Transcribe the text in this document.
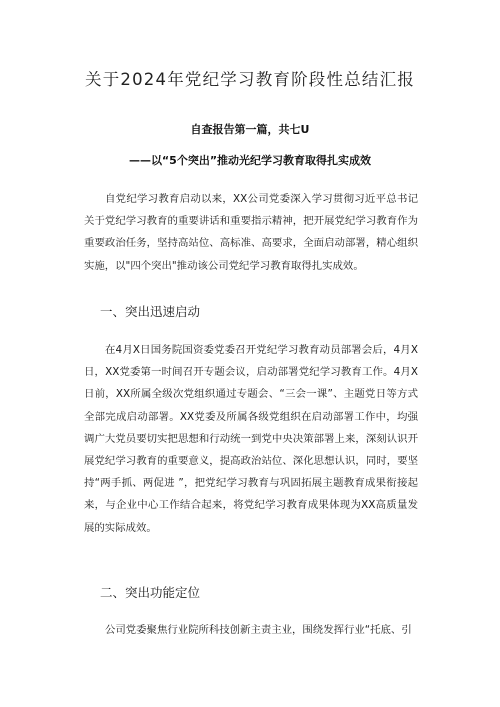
关于2024年党纪学习教育阶段性总结汇报
自查报告第一篇，共七U
——以“5个突出”推动光纪学习教育取得扎实成效

自党纪学习教育启动以来，XX公司党委深入学习贯彻习近平总书记关于党纪学习教育的重要讲话和重要指示精神，把开展党纪学习教育作为重要政治任务，坚持高站位、高标准、高要求，全面启动部署，精心组织实施，以"四个突出"推动该公司党纪学习教育取得扎实成效。

一、突出迅速启动

在4月X日国务院国资委党委召开党纪学习教育动员部署会后，4月X日，XX党委第一时间召开专题会议，启动部署党纪学习教育工作。4月X日前，XX所属全级次党组织通过专题会、“三会一课”、主题党日等方式全部完成启动部署。XX党委及所属各级党组织在启动部署工作中，均强调广大党员要切实把思想和行动统一到党中央决策部署上来，深刻认识开展党纪学习教育的重要意义，提高政治站位、深化思想认识，同时，要坚持“两手抓、两促进 ”，把党纪学习教育与巩固拓展主题教育成果衔接起来，与企业中心工作结合起来，将党纪学习教育成果体现为XX高质量发展的实际成效。

二、突出功能定位

公司党委聚焦行业院所科技创新主责主业，围绕发挥行业“托底、引
